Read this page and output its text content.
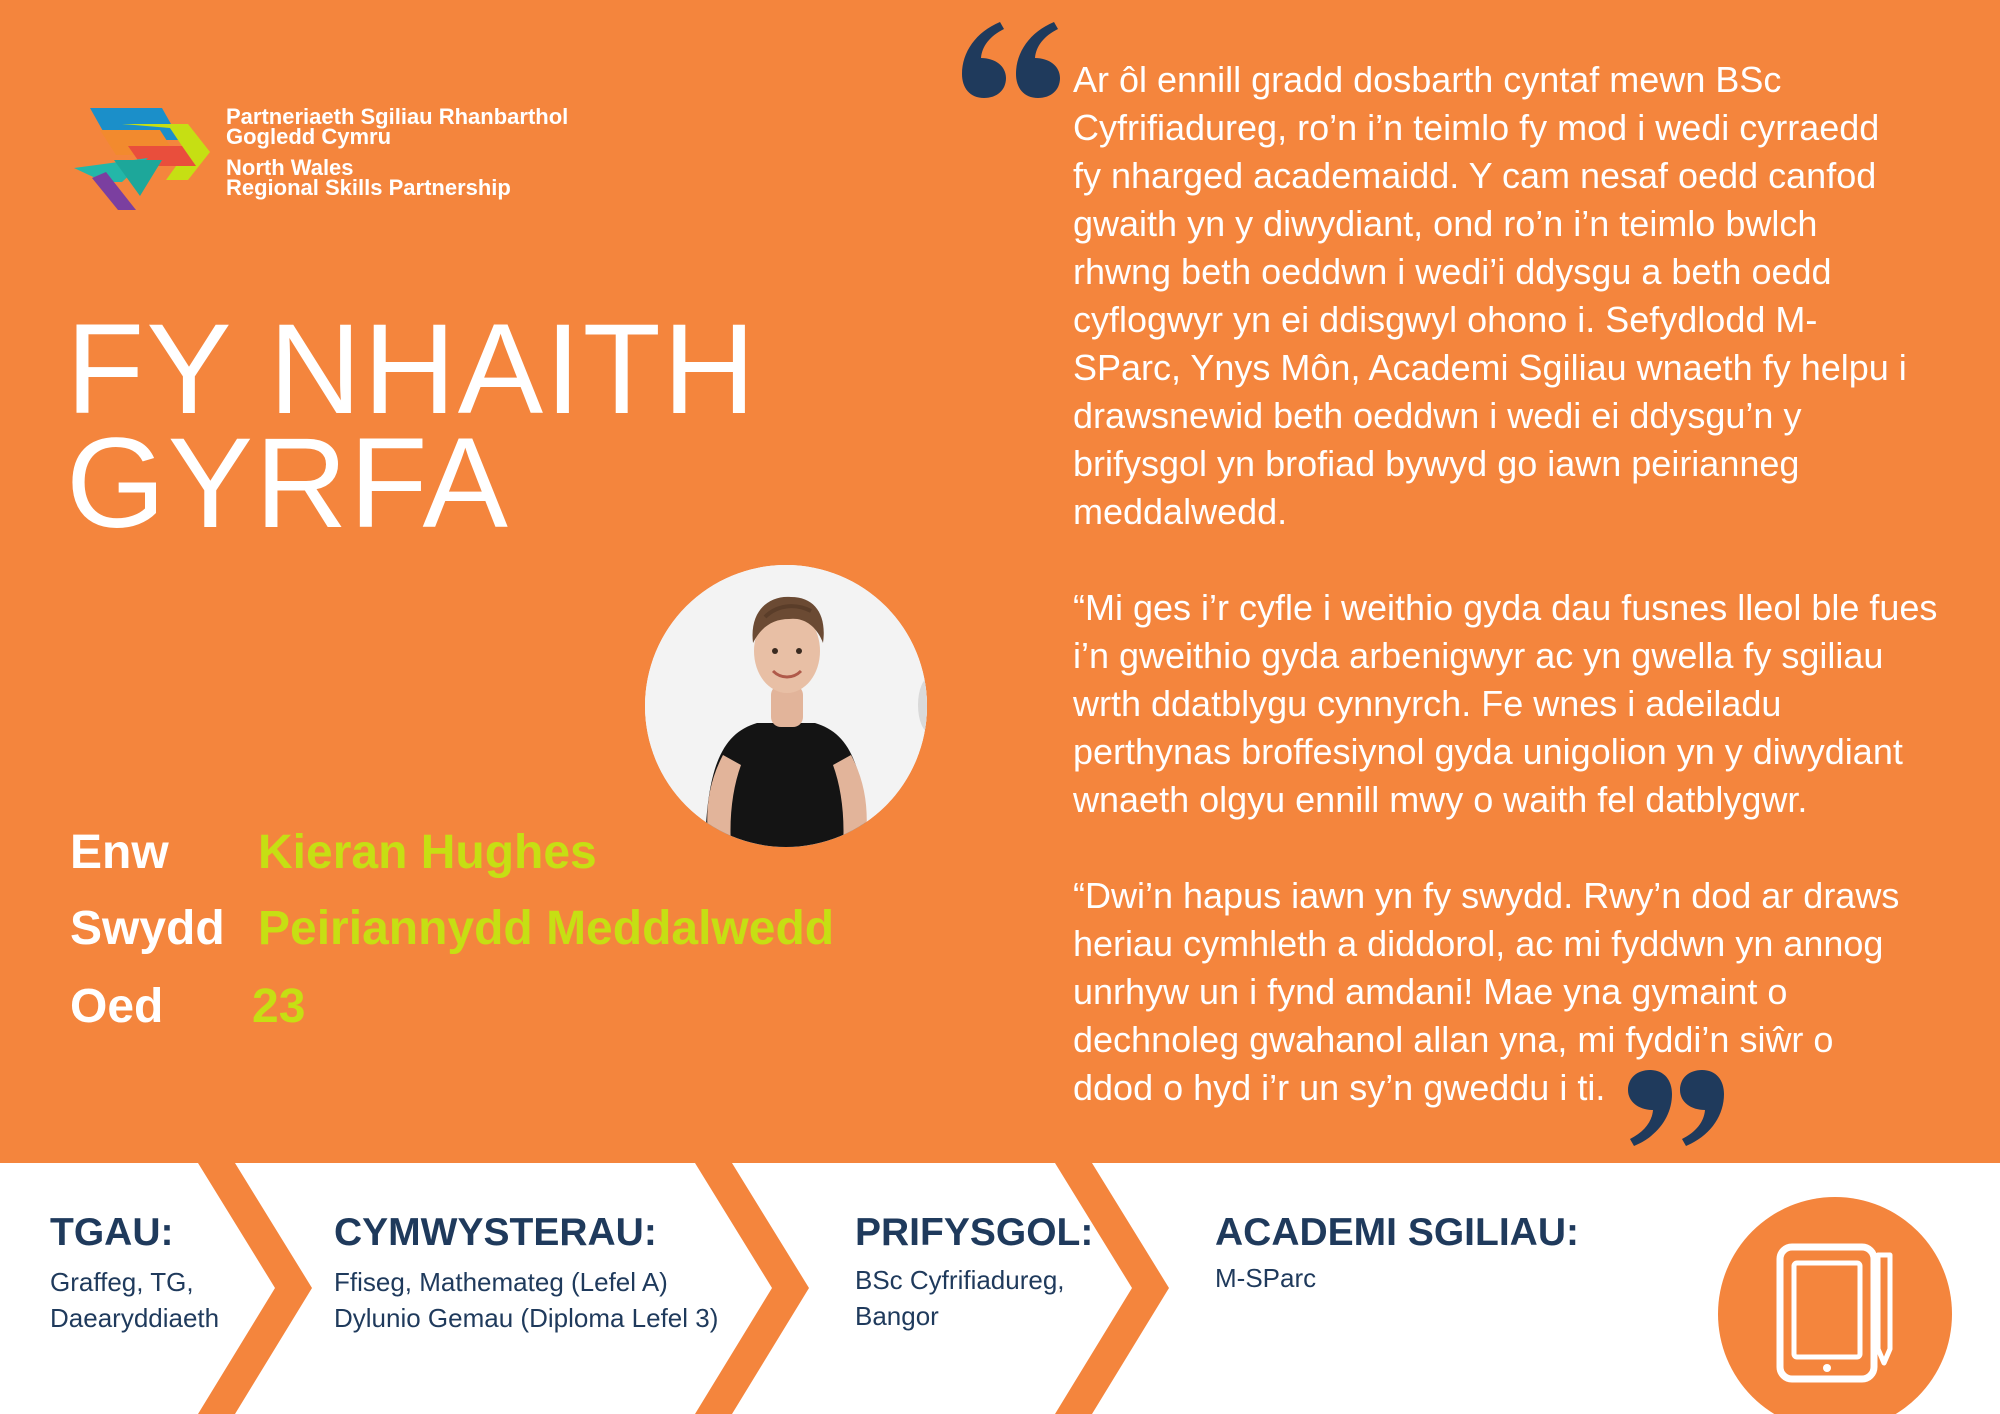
Partneriaeth Sgiliau Rhanbarthol
Gogledd Cymru
North Wales
Regional Skills Partnership
FY NHAITH
GYRFA
Enw Kieran Hughes
Swydd Peiriannydd Meddalwedd
Oed 23
Ar ôl ennill gradd dosbarth cyntaf mewn BSc
Cyfrifiadureg, ro’n i’n teimlo fy mod i wedi cyrraedd
fy nharged academaidd. Y cam nesaf oedd canfod
gwaith yn y diwydiant, ond ro’n i’n teimlo bwlch
rhwng beth oeddwn i wedi’i ddysgu a beth oedd
cyflogwyr yn ei ddisgwyl ohono i. Sefydlodd M-
SParc, Ynys Môn, Academi Sgiliau wnaeth fy helpu i
drawsnewid beth oeddwn i wedi ei ddysgu’n y
brifysgol yn brofiad bywyd go iawn peirianneg
meddalwedd.
“Mi ges i’r cyfle i weithio gyda dau fusnes lleol ble fues
i’n gweithio gyda arbenigwyr ac yn gwella fy sgiliau
wrth ddatblygu cynnyrch. Fe wnes i adeiladu
perthynas broffesiynol gyda unigolion yn y diwydiant
wnaeth olgyu ennill mwy o waith fel datblygwr.
“Dwi’n hapus iawn yn fy swydd. Rwy’n dod ar draws
heriau cymhleth a diddorol, ac mi fyddwn yn annog
unrhyw un i fynd amdani! Mae yna gymaint o
dechnoleg gwahanol allan yna, mi fyddi’n siŵr o
ddod o hyd i’r un sy’n gweddu i ti.
TGAU:
Graffeg, TG,
Daearyddiaeth
CYMWYSTERAU:
Ffiseg, Mathemateg (Lefel A)
Dylunio Gemau (Diploma Lefel 3)
PRIFYSGOL:
BSc Cyfrifiadureg,
Bangor
ACADEMI SGILIAU:
M-SParc
